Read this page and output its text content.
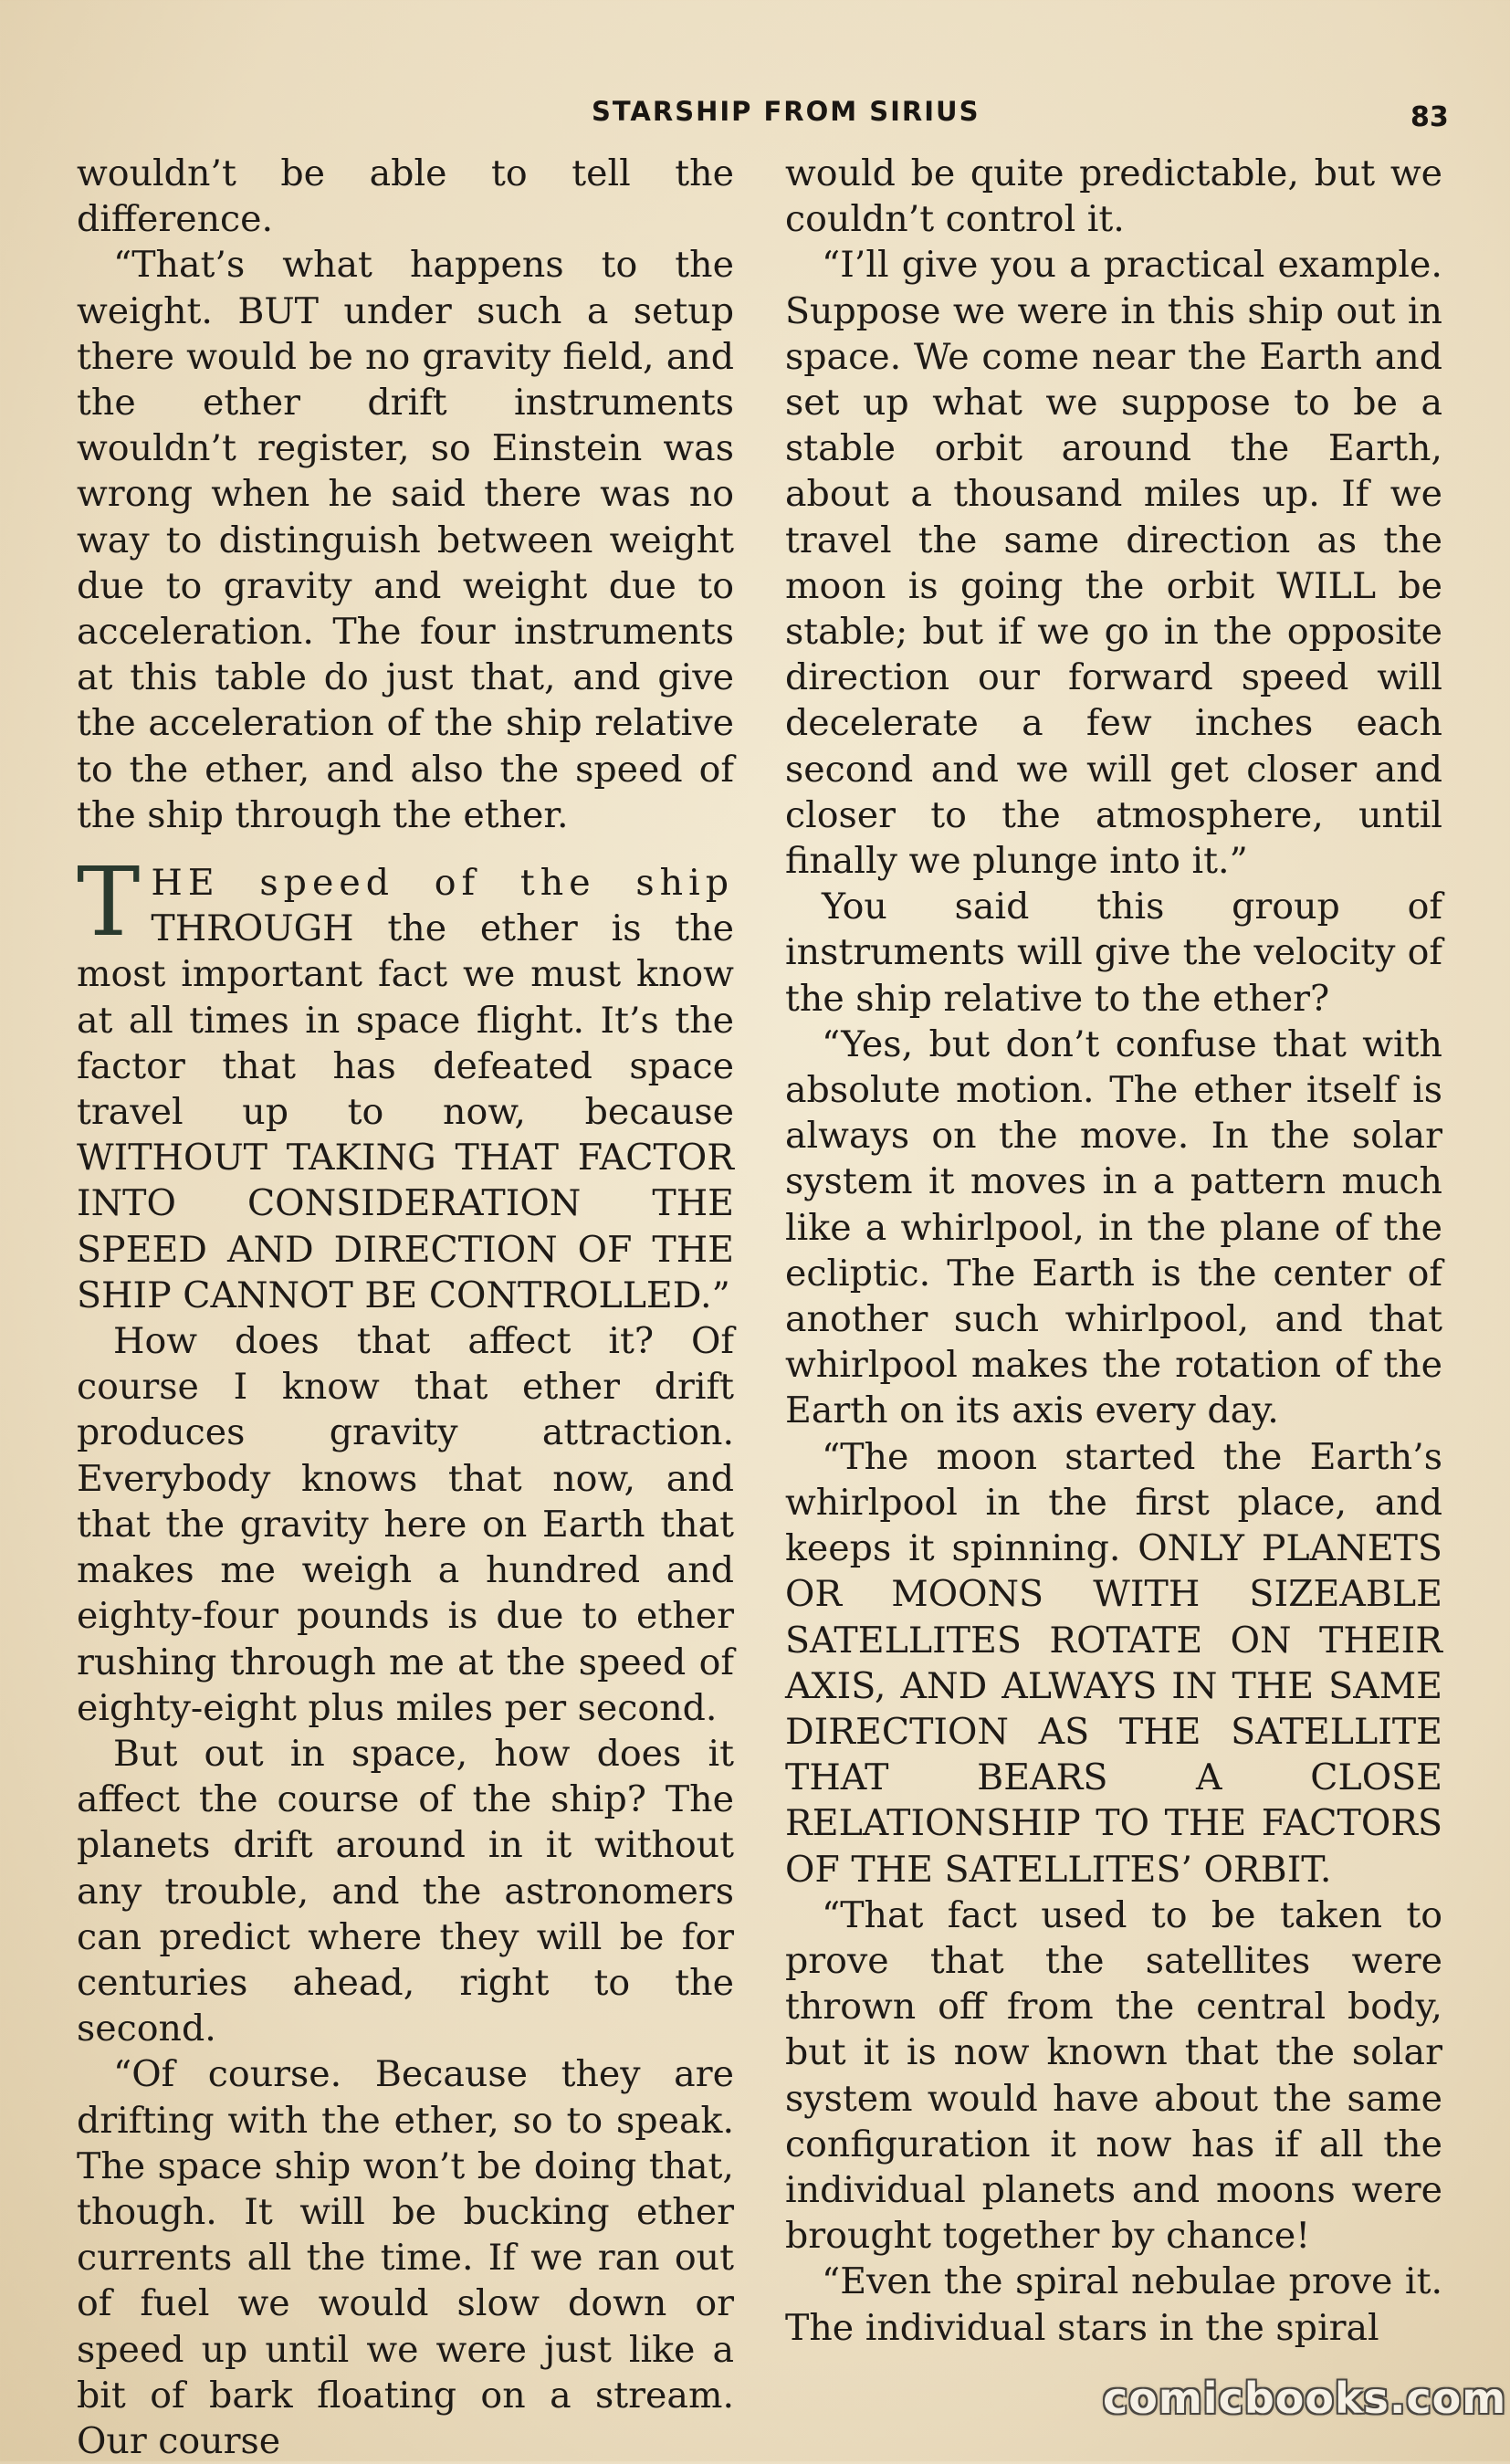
STARSHIP FROM SIRIUS	83

wouldn’t be able to tell the difference.

“That’s what happens to the weight. BUT under such a setup there would be no gravity field, and the ether drift instruments wouldn’t register, so Einstein was wrong when he said there was no way to distinguish between weight due to gravity and weight due to acceleration. The four instruments at this table do just that, and give the acceleration of the ship relative to the ether, and also the speed of the ship through the ether.

THE speed of the ship THROUGH the ether is the most important fact we must know at all times in space flight. It’s the factor that has defeated space travel up to now, because WITHOUT TAKING THAT FACTOR INTO CONSIDERATION THE SPEED AND DIRECTION OF THE SHIP CANNOT BE CONTROLLED.”

How does that affect it? Of course I know that ether drift produces gravity attraction. Everybody knows that now, and that the gravity here on Earth that makes me weigh a hundred and eighty-four pounds is due to ether rushing through me at the speed of eighty-eight plus miles per second.

But out in space, how does it affect the course of the ship? The planets drift around in it without any trouble, and the astronomers can predict where they will be for centuries ahead, right to the second.

“Of course. Because they are drifting with the ether, so to speak. The space ship won’t be doing that, though. It will be bucking ether currents all the time. If we ran out of fuel we would slow down or speed up until we were just like a bit of bark floating on a stream. Our course

would be quite predictable, but we couldn’t control it.

“I’ll give you a practical example. Suppose we were in this ship out in space. We come near the Earth and set up what we suppose to be a stable orbit around the Earth, about a thousand miles up. If we travel the same direction as the moon is going the orbit WILL be stable; but if we go in the opposite direction our forward speed will decelerate a few inches each second and we will get closer and closer to the atmosphere, until finally we plunge into it.”

You said this group of instruments will give the velocity of the ship relative to the ether?

“Yes, but don’t confuse that with absolute motion. The ether itself is always on the move. In the solar system it moves in a pattern much like a whirlpool, in the plane of the ecliptic. The Earth is the center of another such whirlpool, and that whirlpool makes the rotation of the Earth on its axis every day.

“The moon started the Earth’s whirlpool in the first place, and keeps it spinning. ONLY PLANETS OR MOONS WITH SIZEABLE SATELLITES ROTATE ON THEIR AXIS, AND ALWAYS IN THE SAME DIRECTION AS THE SATELLITE THAT BEARS A CLOSE RELATIONSHIP TO THE FACTORS OF THE SATELLITES’ ORBIT.

“That fact used to be taken to prove that the satellites were thrown off from the central body, but it is now known that the solar system would have about the same configuration it now has if all the individual planets and moons were brought together by chance!

“Even the spiral nebulae prove it. The individual stars in the spiral

comicbooks.com
